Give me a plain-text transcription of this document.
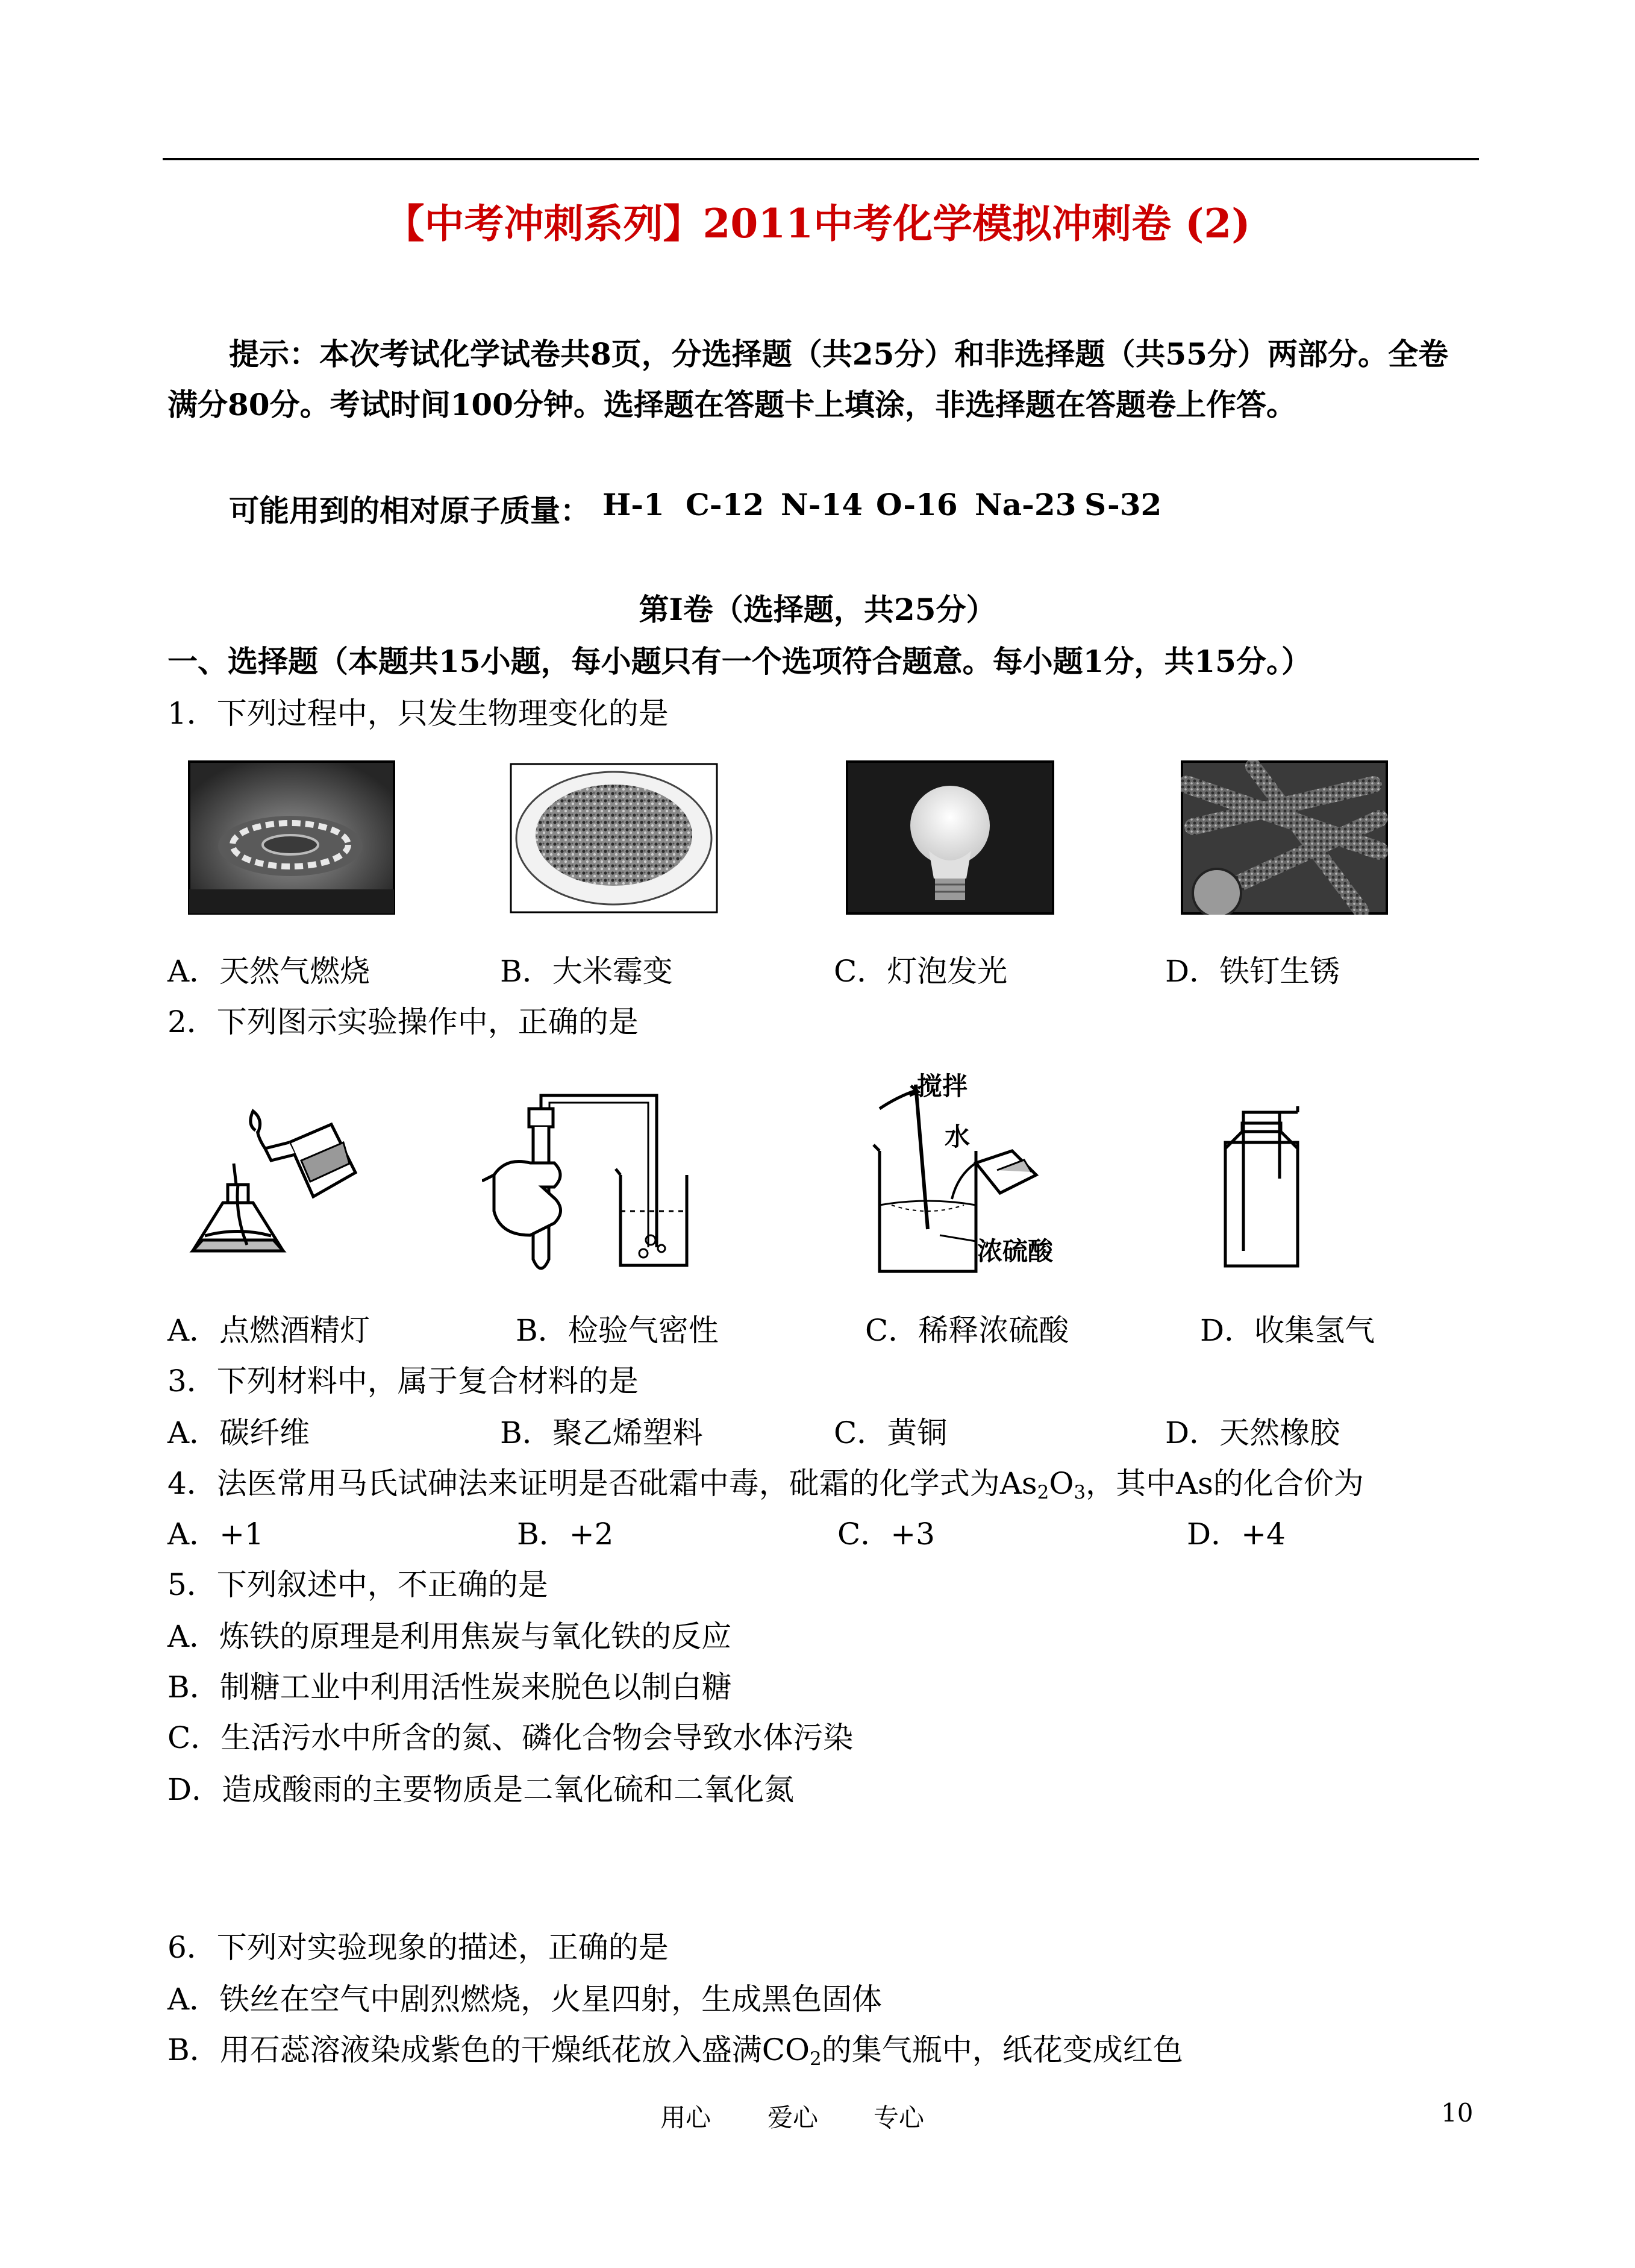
【中考冲刺系列】2011中考化学模拟冲刺卷 (2)
提示：本次考试化学试卷共8页，分选择题（共25分）和非选择题（共55分）两部分。全卷
满分80分。考试时间100分钟。选择题在答题卡上填涂，非选择题在答题卷上作答。
可能用到的相对原子质量： H-1 C-12 N-14 O-16 Na-23 S-32
第Ⅰ卷（选择题，共25分）
一、选择题（本题共15小题，每小题只有一个选项符合题意。每小题1分，共15分。）
1．下列过程中，只发生物理变化的是
A．天然气燃烧	B．大米霉变	C．灯泡发光	D．铁钉生锈
2．下列图示实验操作中，正确的是
搅拌
水
浓硫酸
A．点燃酒精灯	B．检验气密性	C．稀释浓硫酸	D．收集氢气
3．下列材料中，属于复合材料的是
A．碳纤维	B．聚乙烯塑料	C．黄铜	D．天然橡胶
4．法医常用马氏试砷法来证明是否砒霜中毒，砒霜的化学式为$As_2O_3$，其中As的化合价为
A．+1	B．+2	C．+3	D．+4
5．下列叙述中，不正确的是
A．炼铁的原理是利用焦炭与氧化铁的反应
B．制糖工业中利用活性炭来脱色以制白糖
C．生活污水中所含的氮、磷化合物会导致水体污染
D．造成酸雨的主要物质是二氧化硫和二氧化氮
6．下列对实验现象的描述，正确的是
A．铁丝在空气中剧烈燃烧，火星四射，生成黑色固体
B．用石蕊溶液染成紫色的干燥纸花放入盛满$CO_2$的集气瓶中，纸花变成红色
用心 爱心 专心	10
